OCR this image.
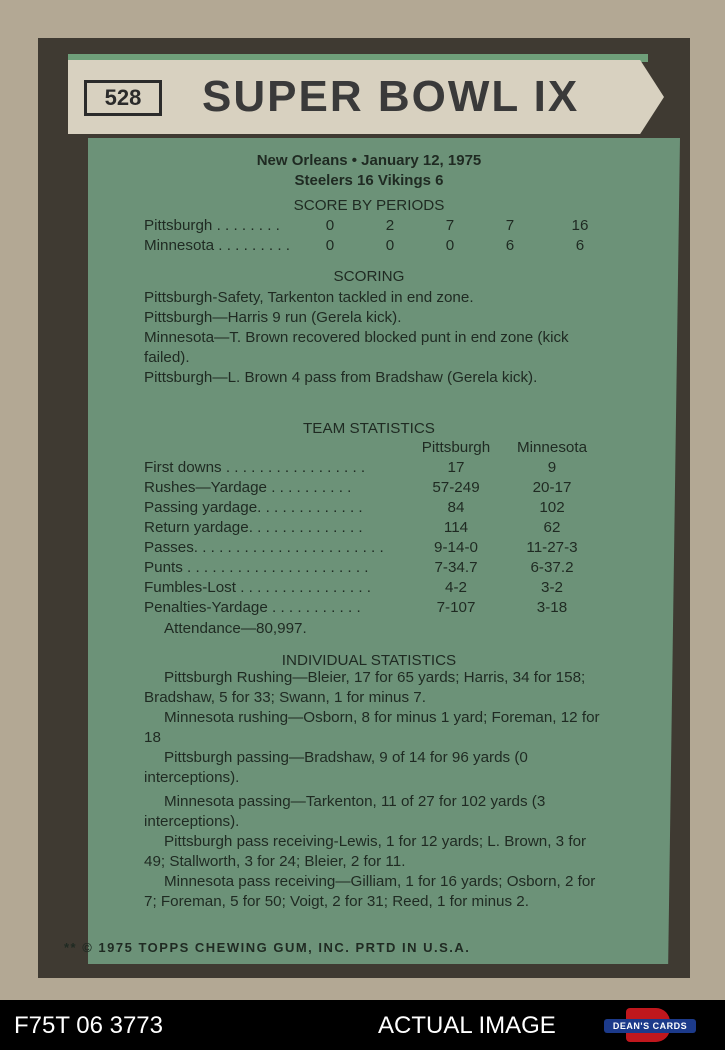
528	SUPER BOWL IX
New Orleans • January 12, 1975
Steelers 16 Vikings 6
SCORE BY PERIODS
Pittsburgh . . . . . . . .	0	2	7	7	16
Minnesota . . . . . . . . .	0	0	0	6	6
SCORING
Pittsburgh-Safety, Tarkenton tackled in end zone.
Pittsburgh—Harris 9 run (Gerela kick).
Minnesota—T. Brown recovered blocked punt in end zone (kick failed).
Pittsburgh—L. Brown 4 pass from Bradshaw (Gerela kick).
TEAM STATISTICS
Pittsburgh	Minnesota
First downs . . . . . . . . . . . . . . . . .	17	9
Rushes—Yardage . . . . . . . . . .	57-249	20-17
Passing yardage. . . . . . . . . . . . .	84	102
Return yardage. . . . . . . . . . . . . .	114	62
Passes. . . . . . . . . . . . . . . . . . . . . . .	9-14-0	11-27-3
Punts . . . . . . . . . . . . . . . . . . . . . .	7-34.7	6-37.2
Fumbles-Lost . . . . . . . . . . . . . . . .	4-2	3-2
Penalties-Yardage . . . . . . . . . . .	7-107	3-18
Attendance—80,997.
INDIVIDUAL STATISTICS
Pittsburgh Rushing—Bleier, 17 for 65 yards; Harris, 34 for 158; Bradshaw, 5 for 33; Swann, 1 for minus 7.
Minnesota rushing—Osborn, 8 for minus 1 yard; Foreman, 12 for 18
Pittsburgh passing—Bradshaw, 9 of 14 for 96 yards (0 interceptions).
Minnesota passing—Tarkenton, 11 of 27 for 102 yards (3 interceptions).
Pittsburgh pass receiving-Lewis, 1 for 12 yards; L. Brown, 3 for 49; Stallworth, 3 for 24; Bleier, 2 for 11.
Minnesota pass receiving—Gilliam, 1 for 16 yards; Osborn, 2 for 7; Foreman, 5 for 50; Voigt, 2 for 31; Reed, 1 for minus 2.
** © 1975 TOPPS CHEWING GUM, INC. PRTD IN U.S.A.
F75T 06 3773	ACTUAL IMAGE	DEAN'S CARDS
